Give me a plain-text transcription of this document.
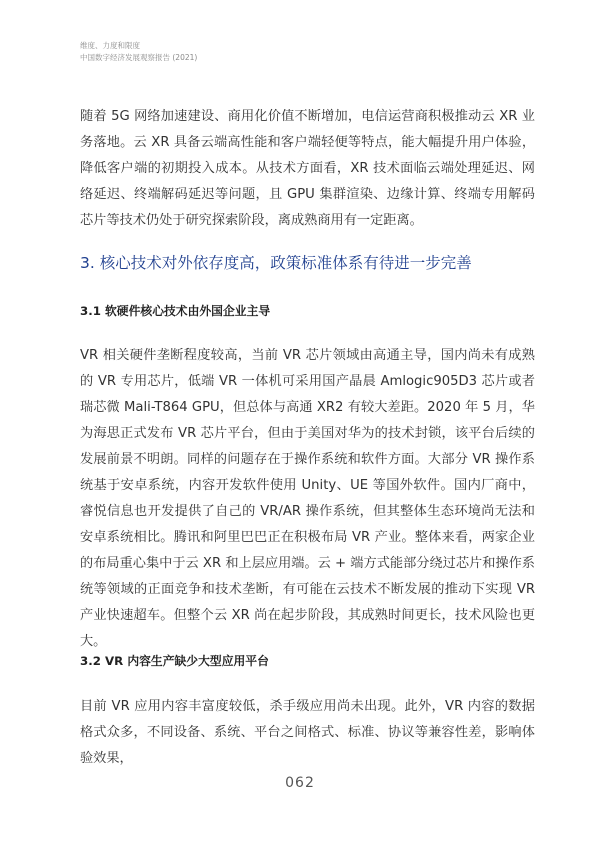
维度、力度和限度
中国数字经济发展观察报告 (2021)

随着 5G 网络加速建设、商用化价值不断增加，电信运营商积极推动云 XR 业务落地。云 XR 具备云端高性能和客户端轻便等特点，能大幅提升用户体验，降低客户端的初期投入成本。从技术方面看，XR 技术面临云端处理延迟、网络延迟、终端解码延迟等问题，且 GPU 集群渲染、边缘计算、终端专用解码芯片等技术仍处于研究探索阶段，离成熟商用有一定距离。

3. 核心技术对外依存度高，政策标准体系有待进一步完善
3.1 软硬件核心技术由外国企业主导

VR 相关硬件垄断程度较高，当前 VR 芯片领域由高通主导，国内尚未有成熟的 VR 专用芯片，低端 VR 一体机可采用国产晶晨 Amlogic905D3 芯片或者瑞芯微 Mali-T864 GPU，但总体与高通 XR2 有较大差距。2020 年 5 月，华为海思正式发布 VR 芯片平台，但由于美国对华为的技术封锁，该平台后续的发展前景不明朗。同样的问题存在于操作系统和软件方面。大部分 VR 操作系统基于安卓系统，内容开发软件使用 Unity、UE 等国外软件。国内厂商中，睿悦信息也开发提供了自己的 VR/AR 操作系统，但其整体生态环境尚无法和安卓系统相比。腾讯和阿里巴巴正在积极布局 VR 产业。整体来看，两家企业的布局重心集中于云 XR 和上层应用端。云 + 端方式能部分绕过芯片和操作系统等领域的正面竞争和技术垄断，有可能在云技术不断发展的推动下实现 VR 产业快速超车。但整个云 XR 尚在起步阶段，其成熟时间更长，技术风险也更大。

3.2 VR 内容生产缺少大型应用平台

目前 VR 应用内容丰富度较低，杀手级应用尚未出现。此外，VR 内容的数据格式众多，不同设备、系统、平台之间格式、标准、协议等兼容性差，影响体验效果，

062
